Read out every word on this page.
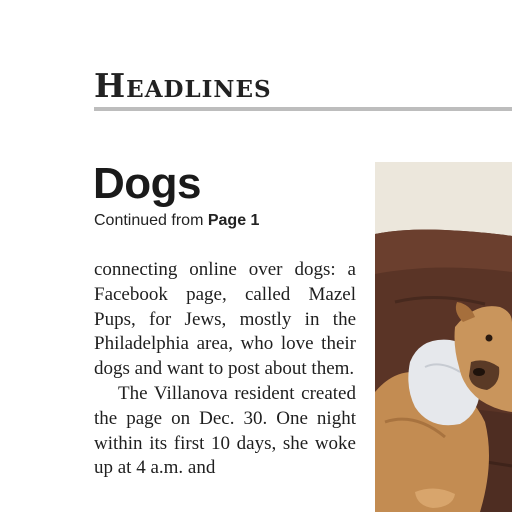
Headlines
Dogs
Continued from Page 1

connecting online over dogs: a Facebook page, called Mazel Pups, for Jews, mostly in the Philadelphia area, who love their dogs and want to post about them.

The Villanova resident created the page on Dec. 30. One night within its first 10 days, she woke up at 4 a.m. and
